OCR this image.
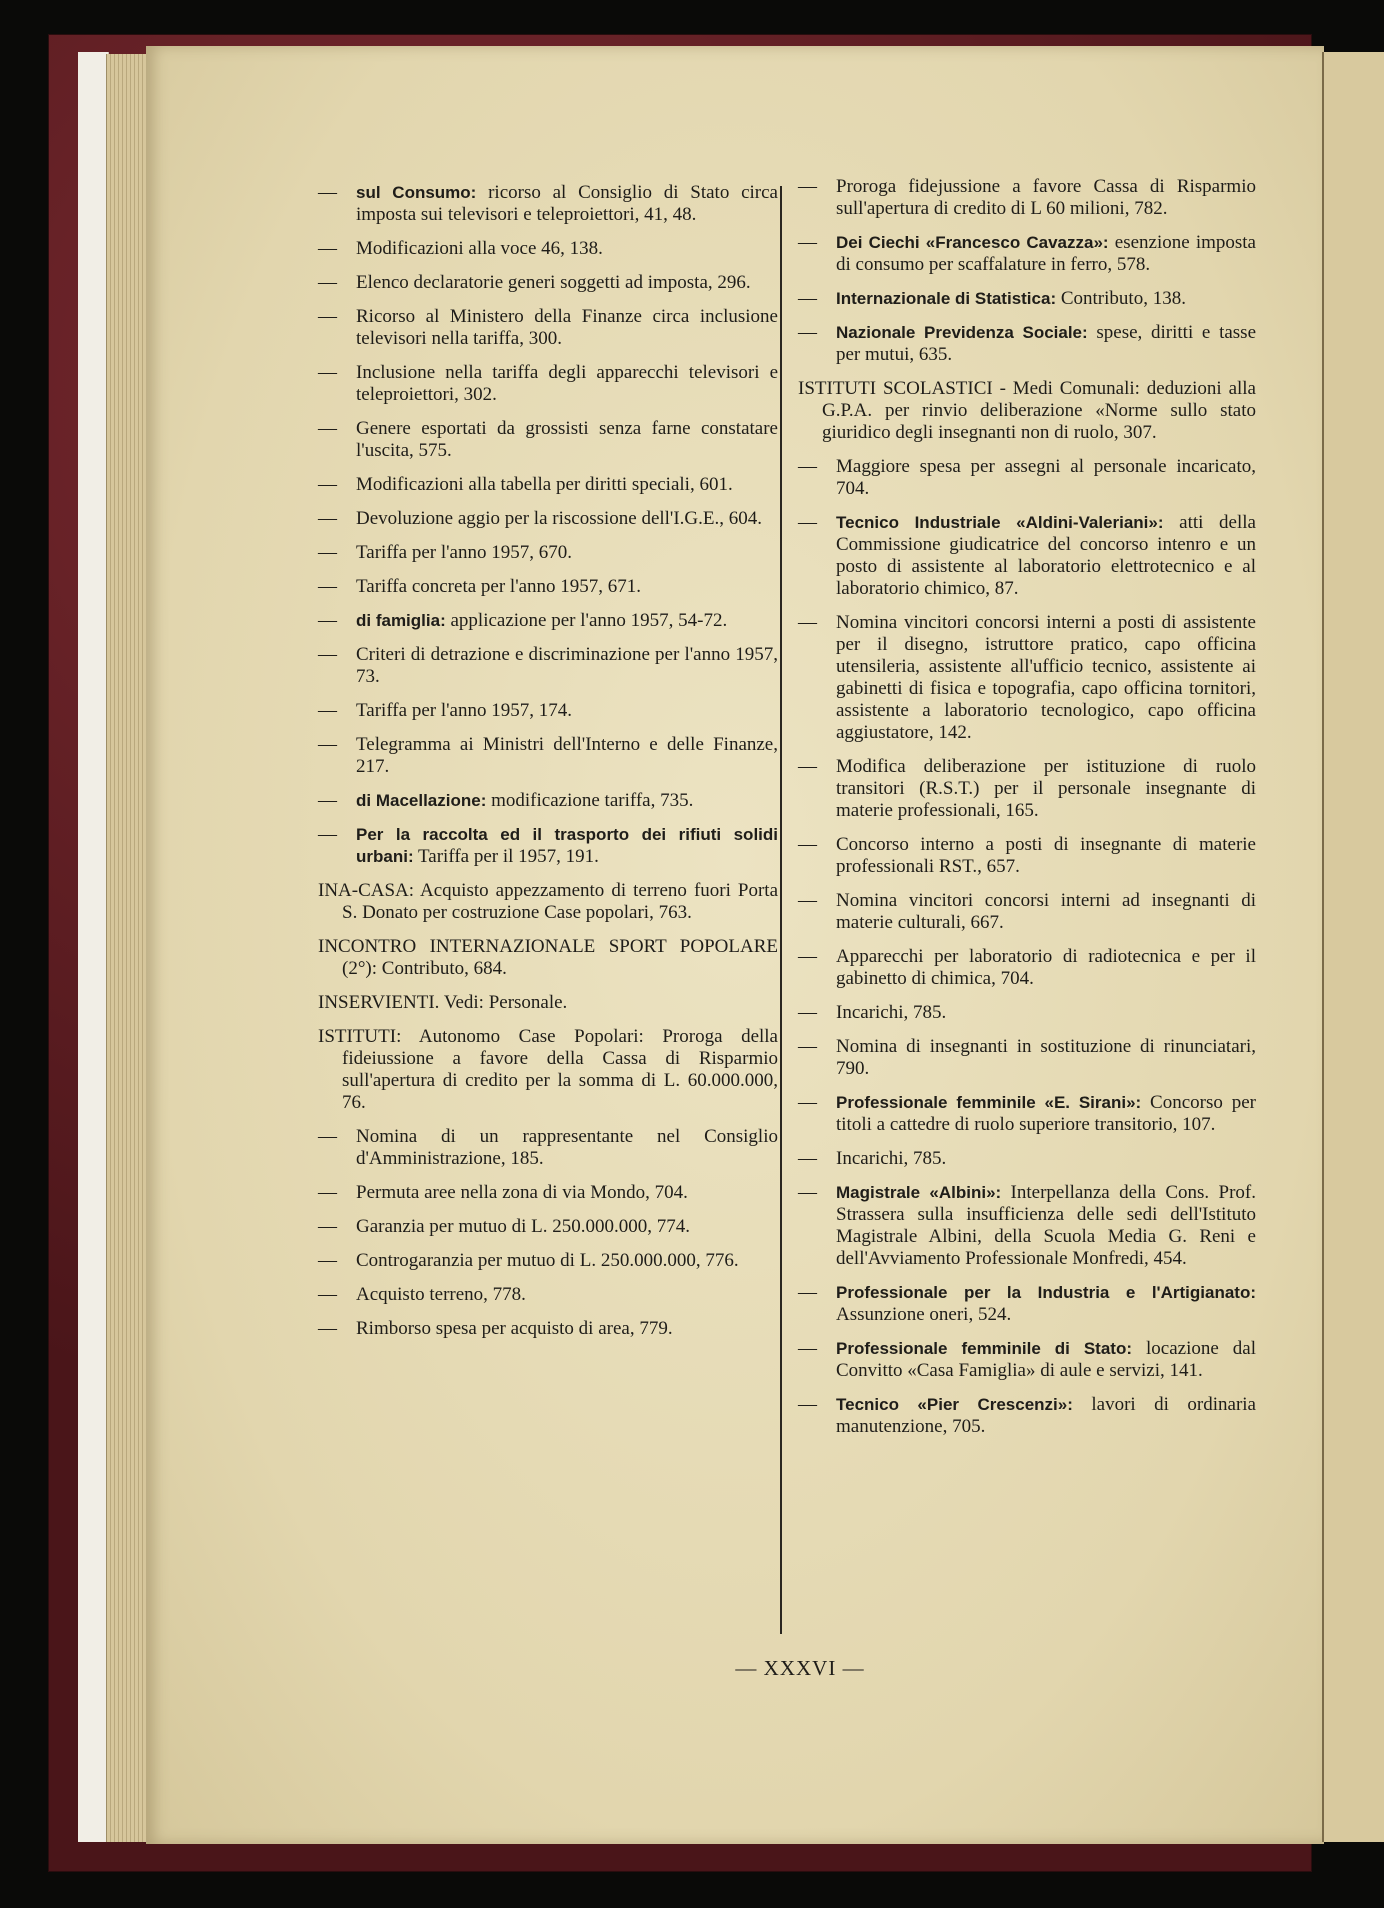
— sul Consumo: ricorso al Consiglio di Stato circa imposta sui televisori e teleproiettori, 41, 48.
— Modificazioni alla voce 46, 138.
— Elenco declaratorie generi soggetti ad imposta, 296.
— Ricorso al Ministero della Finanze circa inclusione televisori nella tariffa, 300.
— Inclusione nella tariffa degli apparecchi televisori e teleproiettori, 302.
— Genere esportati da grossisti senza farne constatare l'uscita, 575.
— Modificazioni alla tabella per diritti speciali, 601.
— Devoluzione aggio per la riscossione dell'I.G.E., 604.
— Tariffa per l'anno 1957, 670.
— Tariffa concreta per l'anno 1957, 671.
— di famiglia: applicazione per l'anno 1957, 54-72.
— Criteri di detrazione e discriminazione per l'anno 1957, 73.
— Tariffa per l'anno 1957, 174.
— Telegramma ai Ministri dell'Interno e delle Finanze, 217.
— di Macellazione: modificazione tariffa, 735.
— Per la raccolta ed il trasporto dei rifiuti solidi urbani: Tariffa per il 1957, 191.
INA-CASA: Acquisto appezzamento di terreno fuori Porta S. Donato per costruzione Case popolari, 763.
INCONTRO INTERNAZIONALE SPORT POPOLARE (2°): Contributo, 684.
INSERVIENTI. Vedi: Personale.
ISTITUTI: Autonomo Case Popolari: Proroga della fideiussione a favore della Cassa di Risparmio sull'apertura di credito per la somma di L. 60.000.000, 76.
— Nomina di un rappresentante nel Consiglio d'Amministrazione, 185.
— Permuta aree nella zona di via Mondo, 704.
— Garanzia per mutuo di L. 250.000.000, 774.
— Controgaranzia per mutuo di L. 250.000.000, 776.
— Acquisto terreno, 778.
— Rimborso spesa per acquisto di area, 779.
— Proroga fidejussione a favore Cassa di Risparmio sull'apertura di credito di L 60 milioni, 782.
— Dei Ciechi «Francesco Cavazza»: esenzione imposta di consumo per scaffalature in ferro, 578.
— Internazionale di Statistica: Contributo, 138.
— Nazionale Previdenza Sociale: spese, diritti e tasse per mutui, 635.
ISTITUTI SCOLASTICI - Medi Comunali: deduzioni alla G.P.A. per rinvio deliberazione «Norme sullo stato giuridico degli insegnanti non di ruolo, 307.
— Maggiore spesa per assegni al personale incaricato, 704.
— Tecnico Industriale «Aldini-Valeriani»: atti della Commissione giudicatrice del concorso intenro e un posto di assistente al laboratorio elettrotecnico e al laboratorio chimico, 87.
— Nomina vincitori concorsi interni a posti di assistente per il disegno, istruttore pratico, capo officina utensileria, assistente all'ufficio tecnico, assistente ai gabinetti di fisica e topografia, capo officina tornitori, assistente a laboratorio tecnologico, capo officina aggiustatore, 142.
— Modifica deliberazione per istituzione di ruolo transitori (R.S.T.) per il personale insegnante di materie professionali, 165.
— Concorso interno a posti di insegnante di materie professionali RST., 657.
— Nomina vincitori concorsi interni ad insegnanti di materie culturali, 667.
— Apparecchi per laboratorio di radiotecnica e per il gabinetto di chimica, 704.
— Incarichi, 785.
— Nomina di insegnanti in sostituzione di rinunciatari, 790.
— Professionale femminile «E. Sirani»: Concorso per titoli a cattedre di ruolo superiore transitorio, 107.
— Incarichi, 785.
— Magistrale «Albini»: Interpellanza della Cons. Prof. Strassera sulla insufficienza delle sedi dell'Istituto Magistrale Albini, della Scuola Media G. Reni e dell'Avviamento Professionale Monfredi, 454.
— Professionale per la Industria e l'Artigianato: Assunzione oneri, 524.
— Professionale femminile di Stato: locazione dal Convitto «Casa Famiglia» di aule e servizi, 141.
— Tecnico «Pier Crescenzi»: lavori di ordinaria manutenzione, 705.
— XXXVI —
